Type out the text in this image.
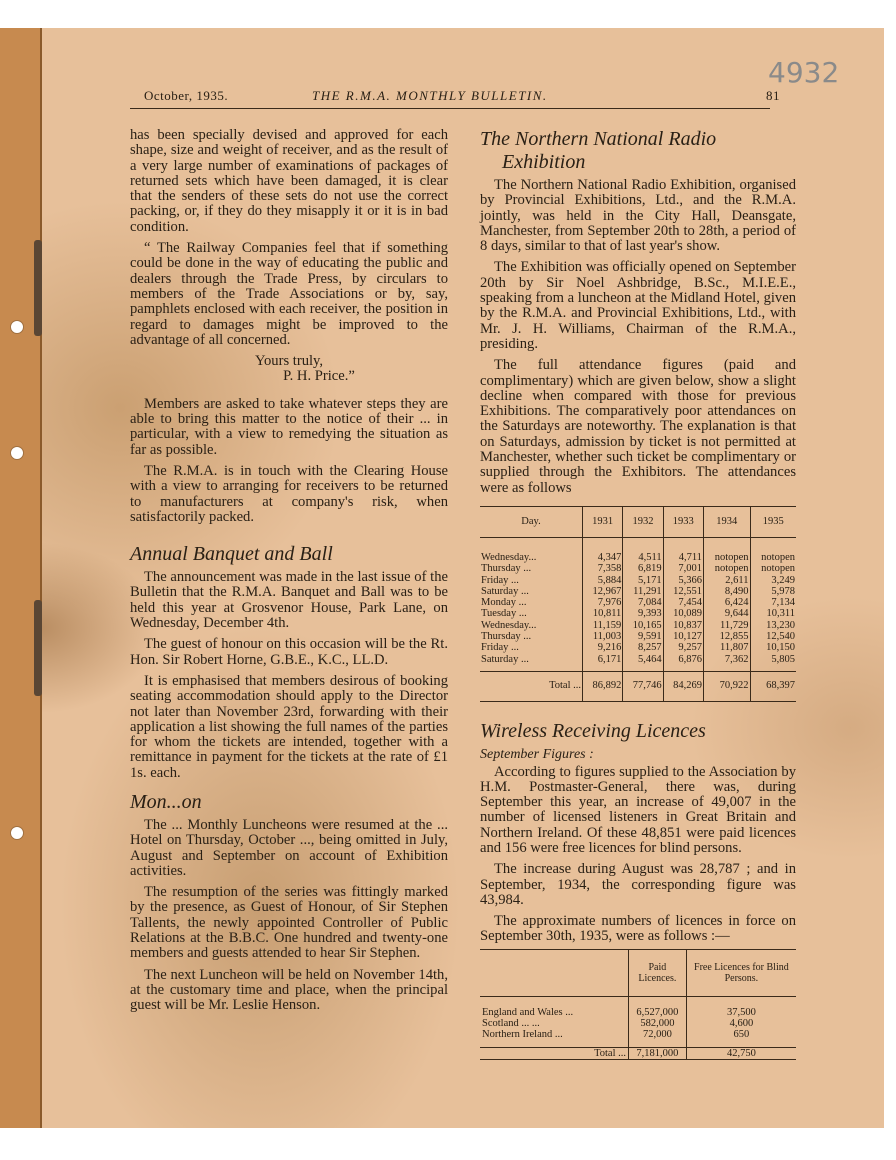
4932
October, 1935.	THE R.M.A. MONTHLY BULLETIN.	81

has been specially devised and approved for each shape, size and weight of receiver, and as the result of a very large number of examinations of packages of returned sets which have been damaged, it is clear that the senders of these sets do not use the correct packing, or, if they do they misapply it or it is in bad condition.

“ The Railway Companies feel that if something could be done in the way of educating the public and dealers through the Trade Press, by circulars to members of the Trade Associations or by, say, pamphlets enclosed with each receiver, the position in regard to damages might be improved to the advantage of all concerned.

Yours truly,
P. H. Price.”

Members are asked to take whatever steps they are able to bring this matter to the notice of their ... in particular, with a view to remedying the situation as far as possible.

The R.M.A. is in touch with the Clearing House with a view to arranging for receivers to be returned to manufacturers at company's risk, when satisfactorily packed.

Annual Banquet and Ball

The announcement was made in the last issue of the Bulletin that the R.M.A. Banquet and Ball was to be held this year at Grosvenor House, Park Lane, on Wednesday, December 4th.

The guest of honour on this occasion will be the Rt. Hon. Sir Robert Horne, G.B.E., K.C., LL.D.

It is emphasised that members desirous of booking seating accommodation should apply to the Director not later than November 23rd, forwarding with their application a list showing the full names of the parties for whom the tickets are intended, together with a remittance in payment for the tickets at the rate of £1 1s. each.

Mon...on

The ... Monthly Luncheons were resumed at the ... Hotel on Thursday, October ..., being omitted in July, August and September on account of Exhibition activities.

The resumption of the series was fittingly marked by the presence, as Guest of Honour, of Sir Stephen Tallents, the newly appointed Controller of Public Relations at the B.B.C. One hundred and twenty-one members and guests attended to hear Sir Stephen.

The next Luncheon will be held on November 14th, at the customary time and place, when the principal guest will be Mr. Leslie Henson.

The Northern National Radio
Exhibition

The Northern National Radio Exhibition, organised by Provincial Exhibitions, Ltd., and the R.M.A. jointly, was held in the City Hall, Deansgate, Manchester, from September 20th to 28th, a period of 8 days, similar to that of last year's show.

The Exhibition was officially opened on September 20th by Sir Noel Ashbridge, B.Sc., M.I.E.E., speaking from a luncheon at the Midland Hotel, given by the R.M.A. and Provincial Exhibitions, Ltd., with Mr. J. H. Williams, Chairman of the R.M.A., presiding.

The full attendance figures (paid and complimentary) which are given below, show a slight decline when compared with those for previous Exhibitions. The comparatively poor attendances on the Saturdays are noteworthy. The explanation is that on Saturdays, admission by ticket is not permitted at Manchester, whether such ticket be complimentary or supplied through the Exhibitors. The attendances were as follows

Day.	1931	1932	1933	1934	1935
Wednesday...	4,347	4,511	4,711	notopen	notopen
Thursday ...	7,358	6,819	7,001	notopen	notopen
Friday ...	5,884	5,171	5,366	2,611	3,249
Saturday ...	12,967	11,291	12,551	8,490	5,978
Monday ...	7,976	7,084	7,454	6,424	7,134
Tuesday ...	10,811	9,393	10,089	9,644	10,311
Wednesday...	11,159	10,165	10,837	11,729	13,230
Thursday ...	11,003	9,591	10,127	12,855	12,540
Friday ...	9,216	8,257	9,257	11,807	10,150
Saturday ...	6,171	5,464	6,876	7,362	5,805
Total ...	86,892	77,746	84,269	70,922	68,397
Wireless Receiving Licences
September Figures :

According to figures supplied to the Association by H.M. Postmaster-General, there was, during September this year, an increase of 49,007 in the number of licensed listeners in Great Britain and Northern Ireland. Of these 48,851 were paid licences and 156 were free licences for blind persons.

The increase during August was 28,787 ; and in September, 1934, the corresponding figure was 43,984.

The approximate numbers of licences in force on September 30th, 1935, were as follows :—

	Paid Licences.	Free Licences for Blind Persons.
England and Wales ...	6,527,000	37,500
Scotland ... ...	582,000	4,600
Northern Ireland ...	72,000	650
Total ...	7,181,000	42,750
